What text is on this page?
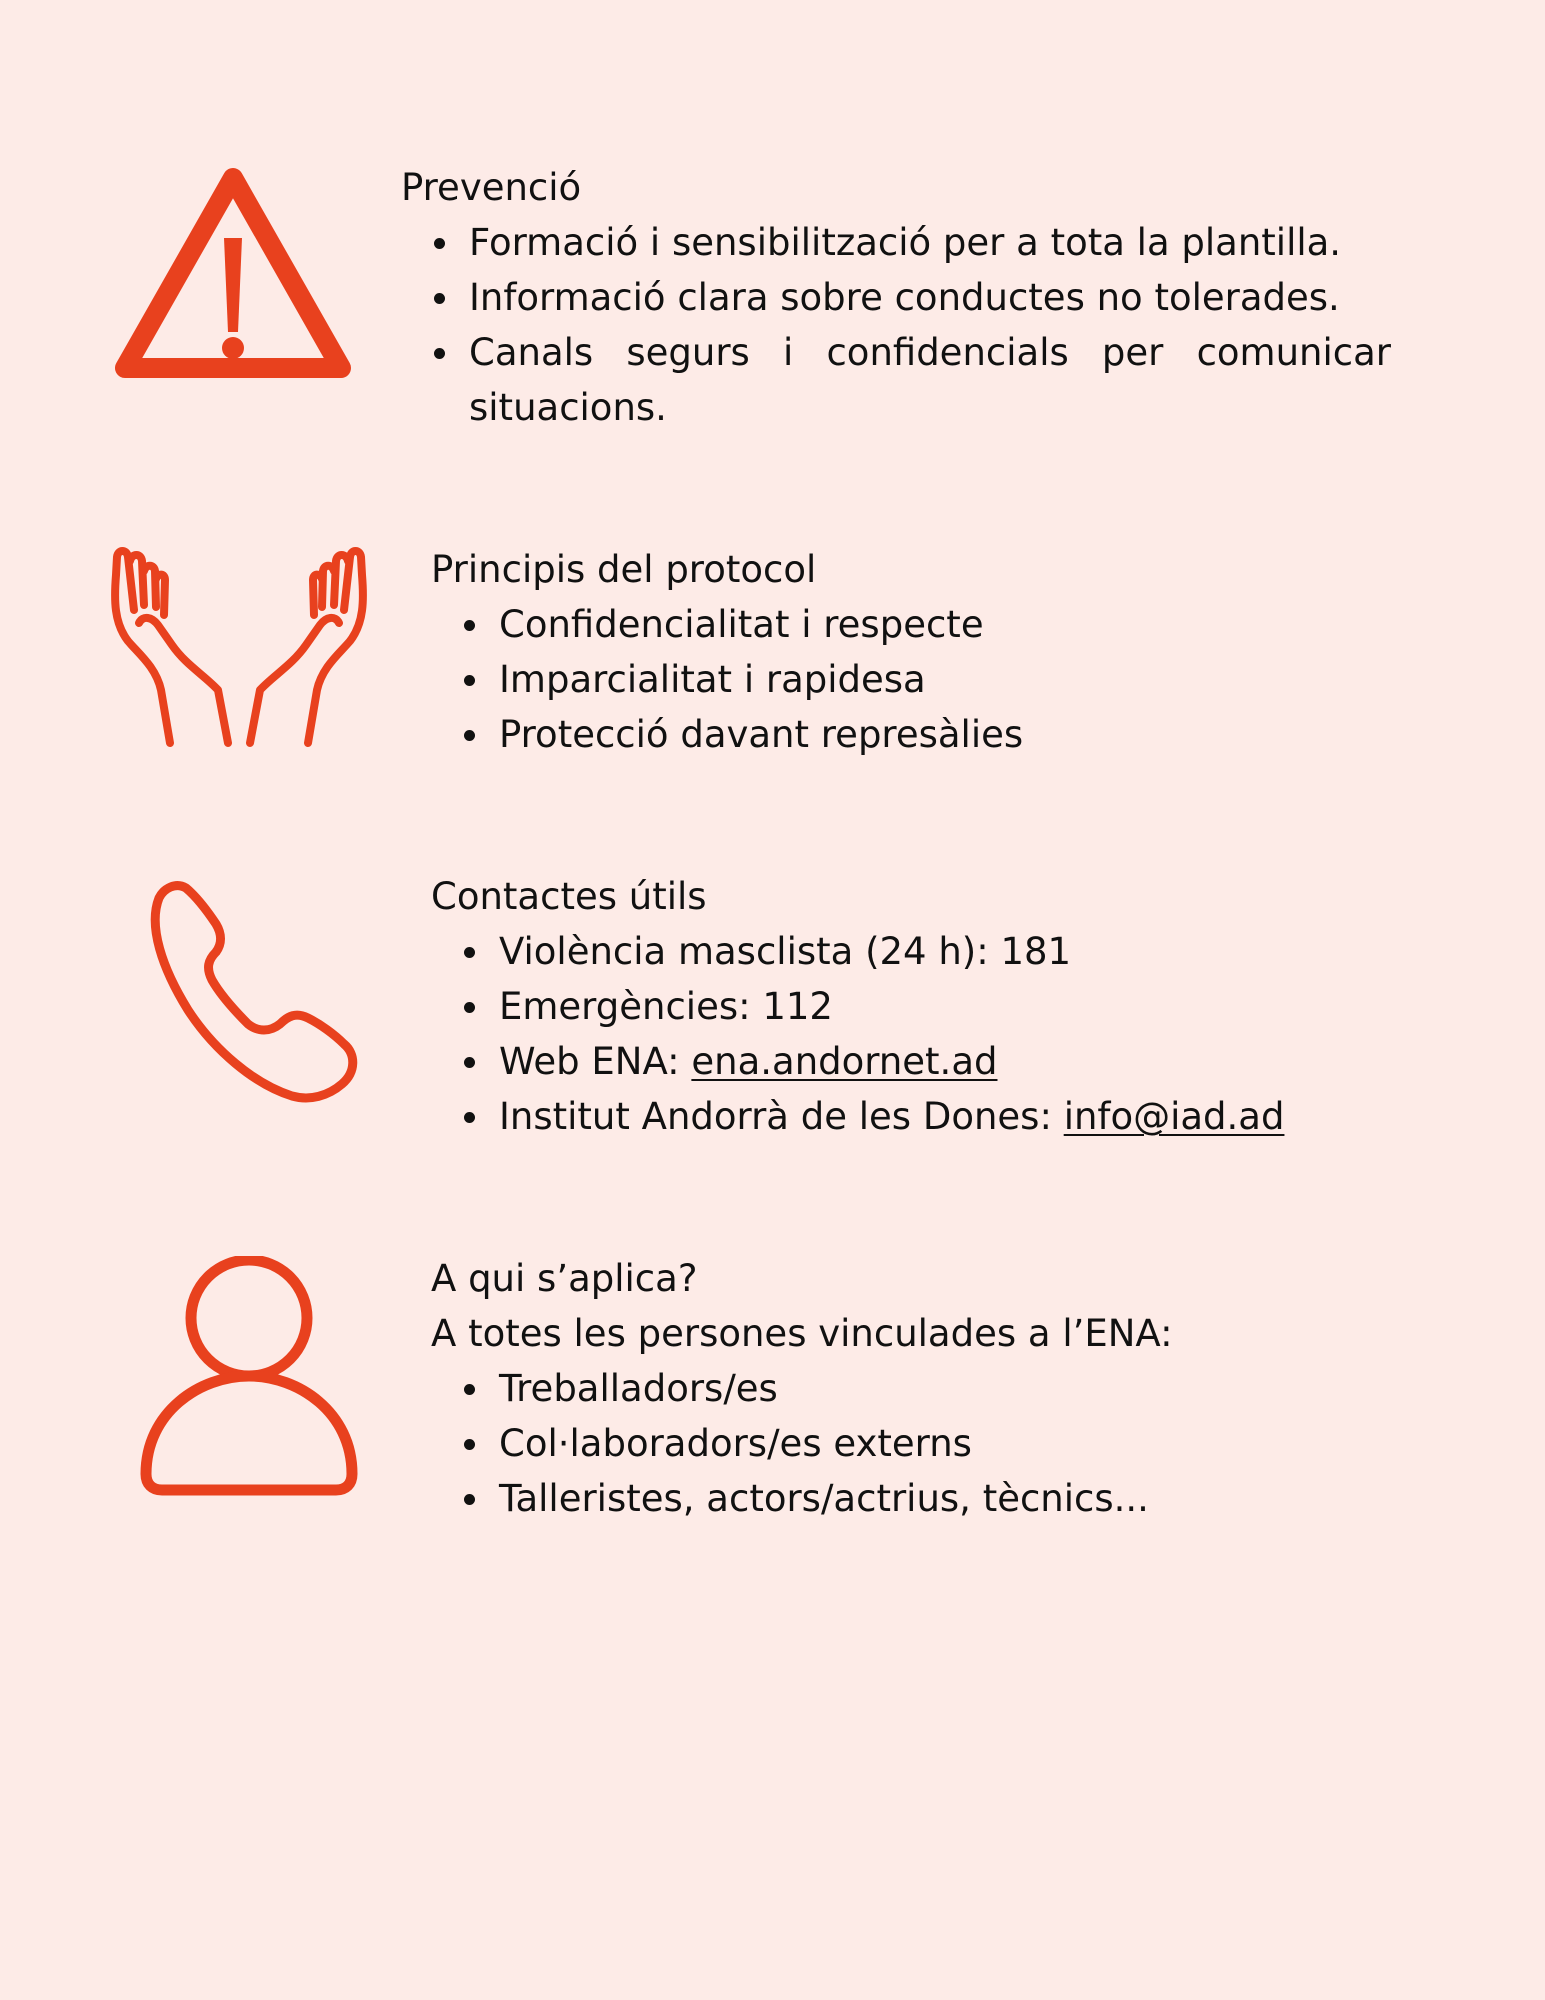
Prevenció

Formació i sensibilització per a tota la plantilla.
Informació clara sobre conductes no tolerades.
Canals segurs i confidencials per comunicar situacions.

Principis del protocol

Confidencialitat i respecte
Imparcialitat i rapidesa
Protecció davant represàlies

Contactes útils

Violència masclista (24 h): 181
Emergències: 112
Web ENA: ena.andornet.ad
Institut Andorrà de les Dones: info@iad.ad

A qui s’aplica?

A totes les persones vinculades a l’ENA:

Treballadors/es
Col·laboradors/es externs
Talleristes, actors/actrius, tècnics...
